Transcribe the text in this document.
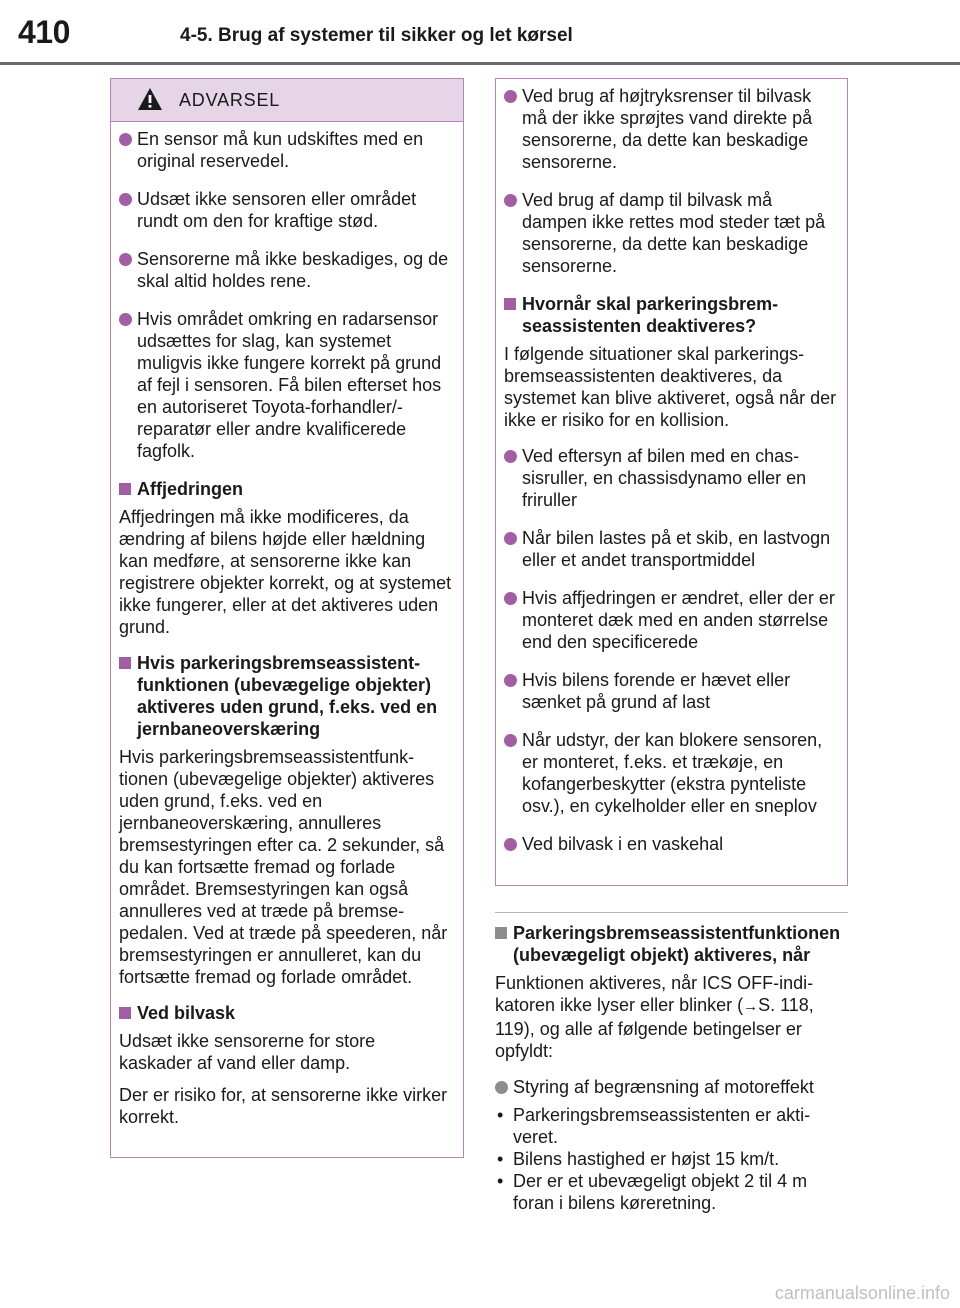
410	4-5. Brug af systemer til sikker og let kørsel
ADVARSEL
En sensor må kun udskiftes med en original reservedel.
Udsæt ikke sensoren eller området rundt om den for kraftige stød.
Sensorerne må ikke beskadiges, og de skal altid holdes rene.
Hvis området omkring en radarsensor udsættes for slag, kan systemet muligvis ikke fungere korrekt på grund af fejl i sensoren. Få bilen efterset hos en autoriseret Toyota-forhandler/-reparatør eller andre kvalificerede fagfolk.
Affjedringen
Affjedringen må ikke modificeres, da ændring af bilens højde eller hældning kan medføre, at sensorerne ikke kan registrere objekter korrekt, og at systemet ikke fungerer, eller at det aktiveres uden grund.
Hvis parkeringsbremseassistentfunktionen (ubevægelige objekter) aktiveres uden grund, f.eks. ved en jernbaneoverskæring
Hvis parkeringsbremseassistentfunktionen (ubevægelige objekter) aktiveres uden grund, f.eks. ved en jernbaneoverskæring, annulleres bremsestyringen efter ca. 2 sekunder, så du kan fortsætte fremad og forlade området. Bremsestyringen kan også annulleres ved at træde på bremsepedalen. Ved at træde på speederen, når bremsestyringen er annulleret, kan du fortsætte fremad og forlade området.
Ved bilvask
Udsæt ikke sensorerne for store kaskader af vand eller damp.
Der er risiko for, at sensorerne ikke virker korrekt.
Ved brug af højtryksrenser til bilvask må der ikke sprøjtes vand direkte på sensorerne, da dette kan beskadige sensorerne.
Ved brug af damp til bilvask må dampen ikke rettes mod steder tæt på sensorerne, da dette kan beskadige sensorerne.
Hvornår skal parkeringsbremseassistenten deaktiveres?
I følgende situationer skal parkeringsbremseassistenten deaktiveres, da systemet kan blive aktiveret, også når der ikke er risiko for en kollision.
Ved eftersyn af bilen med en chassisruller, en chassisdynamo eller en friruller
Når bilen lastes på et skib, en lastvogn eller et andet transportmiddel
Hvis affjedringen er ændret, eller der er monteret dæk med en anden størrelse end den specificerede
Hvis bilens forende er hævet eller sænket på grund af last
Når udstyr, der kan blokere sensoren, er monteret, f.eks. et trækøje, en kofangerbeskytter (ekstra pynteliste osv.), en cykelholder eller en sneplov
Ved bilvask i en vaskehal
Parkeringsbremseassistentfunktionen (ubevægeligt objekt) aktiveres, når
Funktionen aktiveres, når ICS OFF-indikatoren ikke lyser eller blinker (→S. 118, 119), og alle af følgende betingelser er opfyldt:
Styring af begrænsning af motoreffekt
• Parkeringsbremseassistenten er aktiveret.
• Bilens hastighed er højst 15 km/t.
• Der er et ubevægeligt objekt 2 til 4 m foran i bilens køreretning.
carmanualsonline.info
